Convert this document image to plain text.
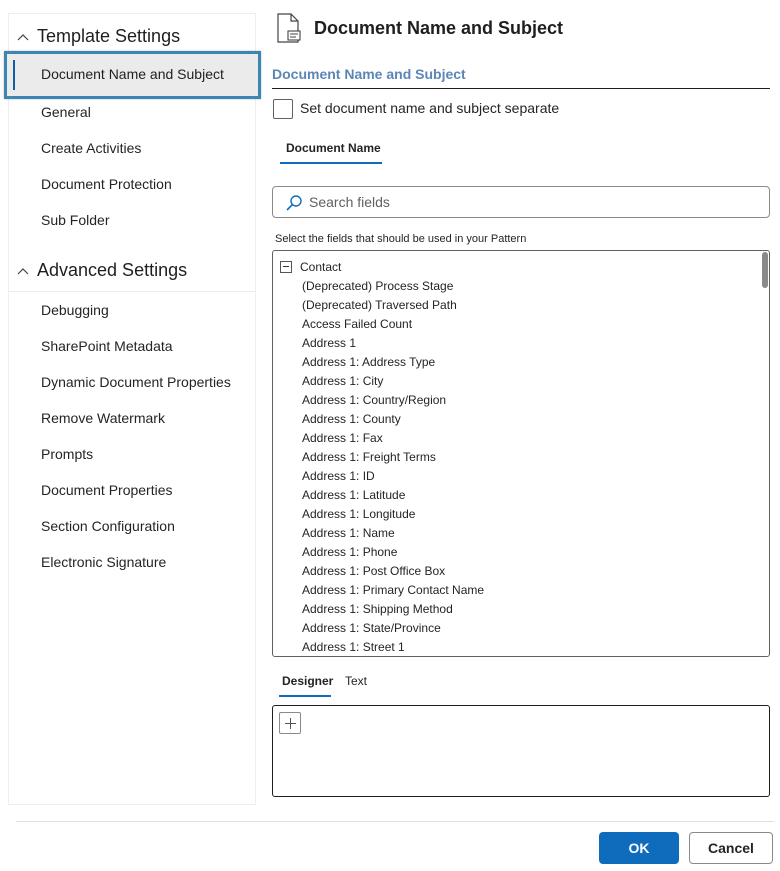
Template Settings
Document Name and Subject
General
Create Activities
Document Protection
Sub Folder
Advanced Settings
Debugging
SharePoint Metadata
Dynamic Document Properties
Remove Watermark
Prompts
Document Properties
Section Configuration
Electronic Signature
Document Name and Subject
Document Name and Subject
Set document name and subject separate
Document Name
Search fields
Select the fields that should be used in your Pattern
Contact
(Deprecated) Process Stage
(Deprecated) Traversed Path
Access Failed Count
Address 1
Address 1: Address Type
Address 1: City
Address 1: Country/Region
Address 1: County
Address 1: Fax
Address 1: Freight Terms
Address 1: ID
Address 1: Latitude
Address 1: Longitude
Address 1: Name
Address 1: Phone
Address 1: Post Office Box
Address 1: Primary Contact Name
Address 1: Shipping Method
Address 1: State/Province
Address 1: Street 1
Designer Text
OK	Cancel
